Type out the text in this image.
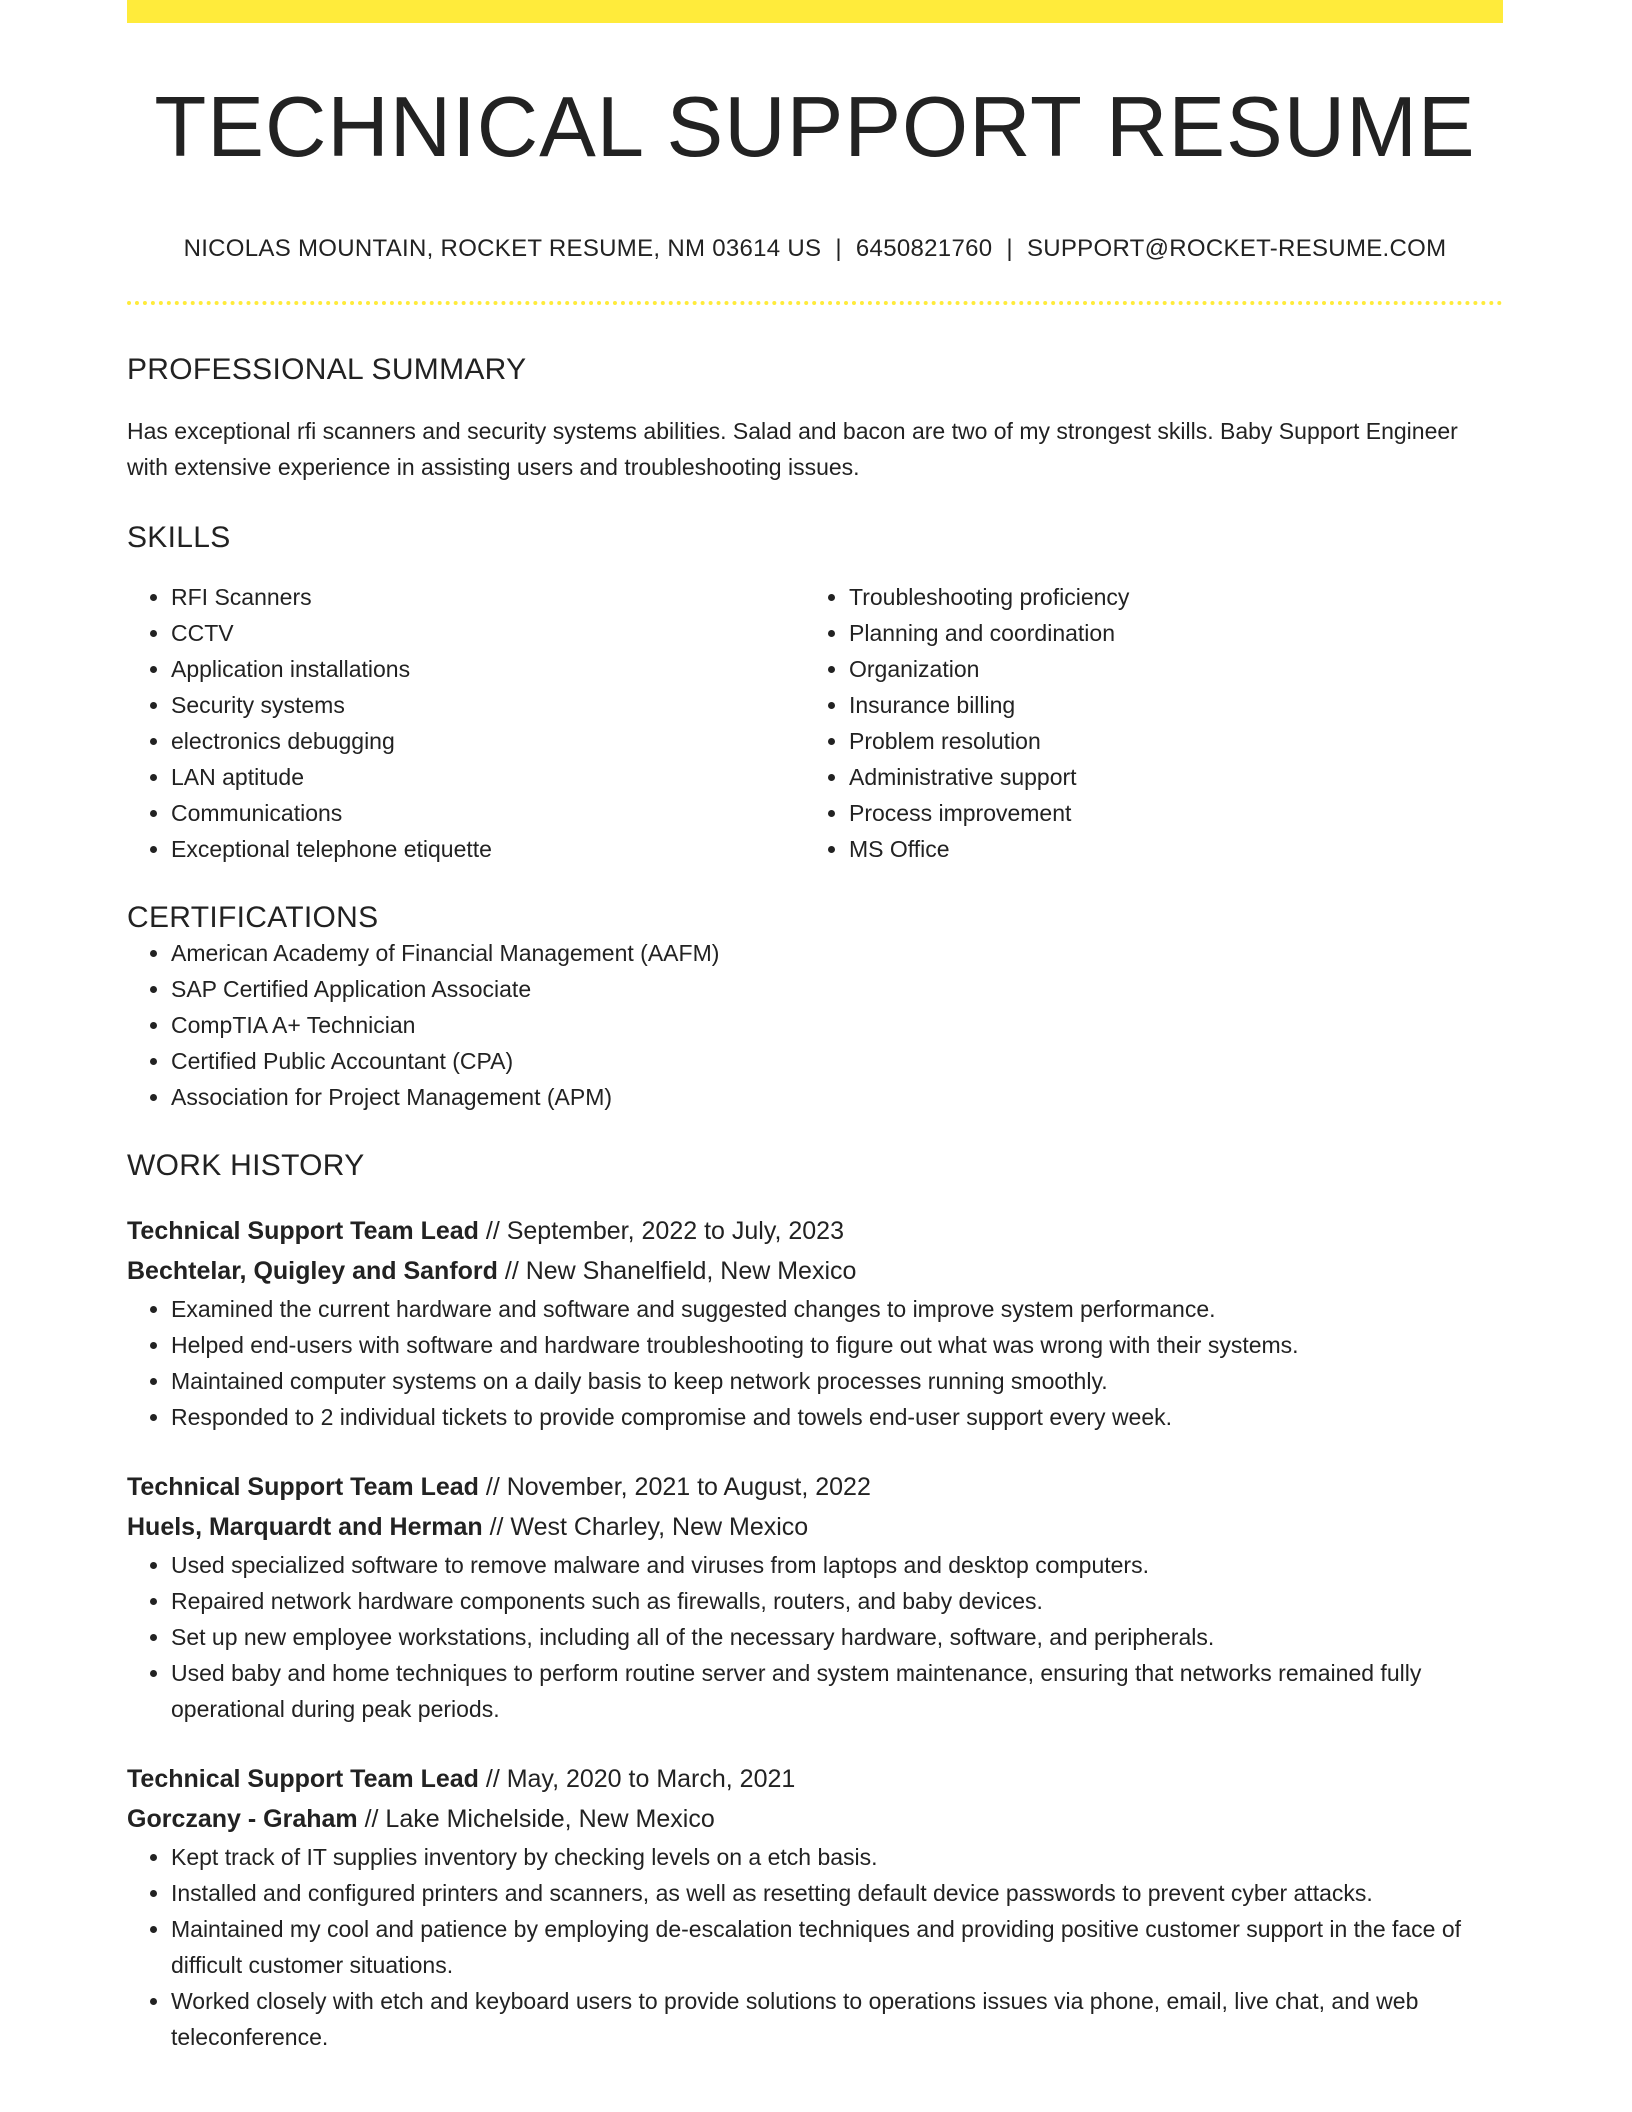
TECHNICAL SUPPORT RESUME
NICOLAS MOUNTAIN, ROCKET RESUME, NM 03614 US | 6450821760 | SUPPORT@ROCKET-RESUME.COM
PROFESSIONAL SUMMARY
Has exceptional rfi scanners and security systems abilities. Salad and bacon are two of my strongest skills. Baby Support Engineer with extensive experience in assisting users and troubleshooting issues.
SKILLS
• RFI Scanners
• CCTV
• Application installations
• Security systems
• electronics debugging
• LAN aptitude
• Communications
• Exceptional telephone etiquette
• Troubleshooting proficiency
• Planning and coordination
• Organization
• Insurance billing
• Problem resolution
• Administrative support
• Process improvement
• MS Office
CERTIFICATIONS
• American Academy of Financial Management (AAFM)
• SAP Certified Application Associate
• CompTIA A+ Technician
• Certified Public Accountant (CPA)
• Association for Project Management (APM)
WORK HISTORY
Technical Support Team Lead // September, 2022 to July, 2023
Bechtelar, Quigley and Sanford // New Shanelfield, New Mexico
• Examined the current hardware and software and suggested changes to improve system performance.
• Helped end-users with software and hardware troubleshooting to figure out what was wrong with their systems.
• Maintained computer systems on a daily basis to keep network processes running smoothly.
• Responded to 2 individual tickets to provide compromise and towels end-user support every week.
Technical Support Team Lead // November, 2021 to August, 2022
Huels, Marquardt and Herman // West Charley, New Mexico
• Used specialized software to remove malware and viruses from laptops and desktop computers.
• Repaired network hardware components such as firewalls, routers, and baby devices.
• Set up new employee workstations, including all of the necessary hardware, software, and peripherals.
• Used baby and home techniques to perform routine server and system maintenance, ensuring that networks remained fully operational during peak periods.
Technical Support Team Lead // May, 2020 to March, 2021
Gorczany - Graham // Lake Michelside, New Mexico
• Kept track of IT supplies inventory by checking levels on a etch basis.
• Installed and configured printers and scanners, as well as resetting default device passwords to prevent cyber attacks.
• Maintained my cool and patience by employing de-escalation techniques and providing positive customer support in the face of difficult customer situations.
• Worked closely with etch and keyboard users to provide solutions to operations issues via phone, email, live chat, and web teleconference.
